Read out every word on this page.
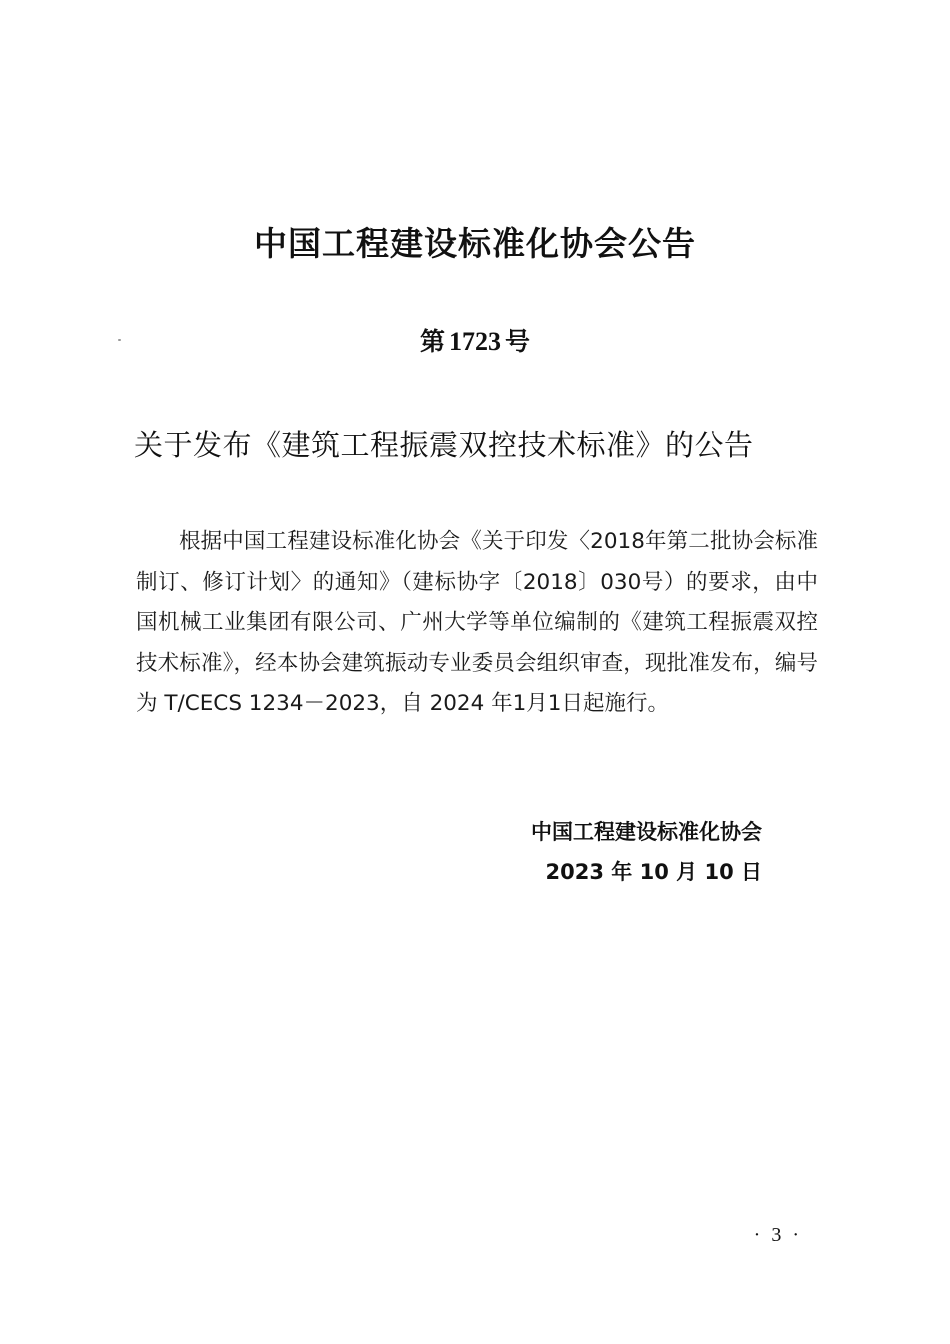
中国工程建设标准化协会公告
第 1723 号
关于发布《建筑工程振震双控技术标准》的公告
根据中国工程建设标准化协会《关于印发〈2018年第二批协会标准制订、修订计划〉的通知》（建标协字〔2018〕030号）的要求，由中国机械工业集团有限公司、广州大学等单位编制的《建筑工程振震双控技术标准》，经本协会建筑振动专业委员会组织审查，现批准发布，编号为 T/CECS 1234－2023，自 2024 年1月1日起施行。
中国工程建设标准化协会
2023 年 10 月 10 日
· 3 ·
